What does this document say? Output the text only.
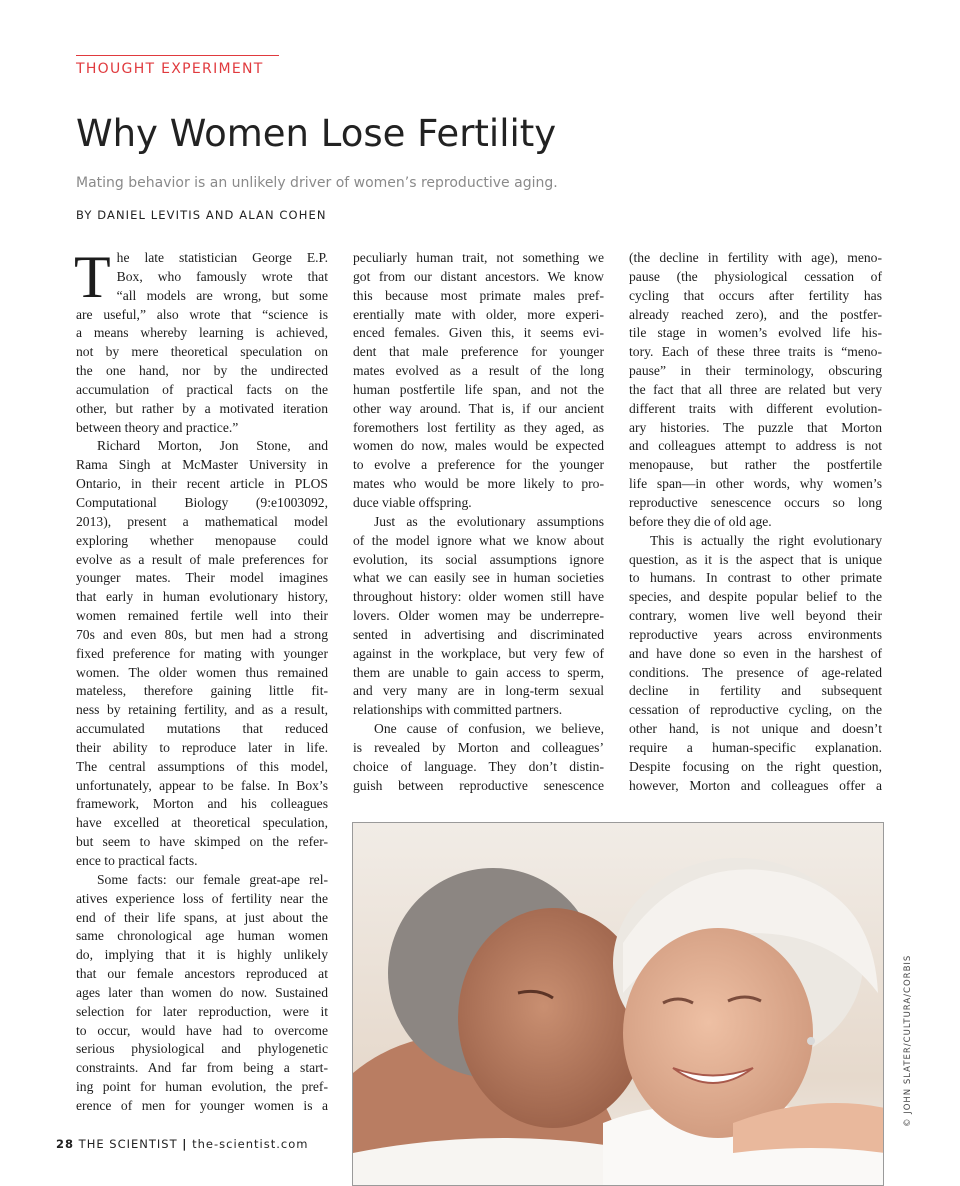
THOUGHT EXPERIMENT
Why Women Lose Fertility
Mating behavior is an unlikely driver of women’s reproductive aging.
BY DANIEL LEVITIS AND ALAN COHEN

T he late statistician George E.P.
Box, who famously wrote that
“all models are wrong, but some
are useful,” also wrote that “science is
a means whereby learning is achieved,
not by mere theoretical speculation on
the one hand, nor by the undirected
accumulation of practical facts on the
other, but rather by a motivated iteration
between theory and practice.”

Richard Morton, Jon Stone, and
Rama Singh at McMaster University in
Ontario, in their recent article in PLOS
Computational Biology (9:e1003092,
2013), present a mathematical model
exploring whether menopause could
evolve as a result of male preferences for
younger mates. Their model imagines
that early in human evolutionary history,
women remained fertile well into their
70s and even 80s, but men had a strong
fixed preference for mating with younger
women. The older women thus remained
mateless, therefore gaining little fit-
ness by retaining fertility, and as a result,
accumulated mutations that reduced
their ability to reproduce later in life.
The central assumptions of this model,
unfortunately, appear to be false. In Box’s
framework, Morton and his colleagues
have excelled at theoretical speculation,
but seem to have skimped on the refer-
ence to practical facts.

Some facts: our female great-ape rel-
atives experience loss of fertility near the
end of their life spans, at just about the
same chronological age human women
do, implying that it is highly unlikely
that our female ancestors reproduced at
ages later than women do now. Sustained
selection for later reproduction, were it
to occur, would have had to overcome
serious physiological and phylogenetic
constraints. And far from being a start-
ing point for human evolution, the pref-
erence of men for younger women is a

peculiarly human trait, not something we
got from our distant ancestors. We know
this because most primate males pref-
erentially mate with older, more experi-
enced females. Given this, it seems evi-
dent that male preference for younger
mates evolved as a result of the long
human postfertile life span, and not the
other way around. That is, if our ancient
foremothers lost fertility as they aged, as
women do now, males would be expected
to evolve a preference for the younger
mates who would be more likely to pro-
duce viable offspring.

Just as the evolutionary assumptions
of the model ignore what we know about
evolution, its social assumptions ignore
what we can easily see in human societies
throughout history: older women still have
lovers. Older women may be underrepre-
sented in advertising and discriminated
against in the workplace, but very few of
them are unable to gain access to sperm,
and very many are in long-term sexual
relationships with committed partners.

One cause of confusion, we believe,
is revealed by Morton and colleagues’
choice of language. They don’t distin-
guish between reproductive senescence

(the decline in fertility with age), meno-
pause (the physiological cessation of
cycling that occurs after fertility has
already reached zero), and the postfer-
tile stage in women’s evolved life his-
tory. Each of these three traits is “meno-
pause” in their terminology, obscuring
the fact that all three are related but very
different traits with different evolution-
ary histories. The puzzle that Morton
and colleagues attempt to address is not
menopause, but rather the postfertile
life span—in other words, why women’s
reproductive senescence occurs so long
before they die of old age.

This is actually the right evolutionary
question, as it is the aspect that is unique
to humans. In contrast to other primate
species, and despite popular belief to the
contrary, women live well beyond their
reproductive years across environments
and have done so even in the harshest of
conditions. The presence of age-related
decline in fertility and subsequent
cessation of reproductive cycling, on the
other hand, is not unique and doesn’t
require a human-specific explanation.
Despite focusing on the right question,
however, Morton and colleagues offer a

© JOHN SLATER/CULTURA/CORBIS
28 THE SCIENTIST | the-scientist.com
